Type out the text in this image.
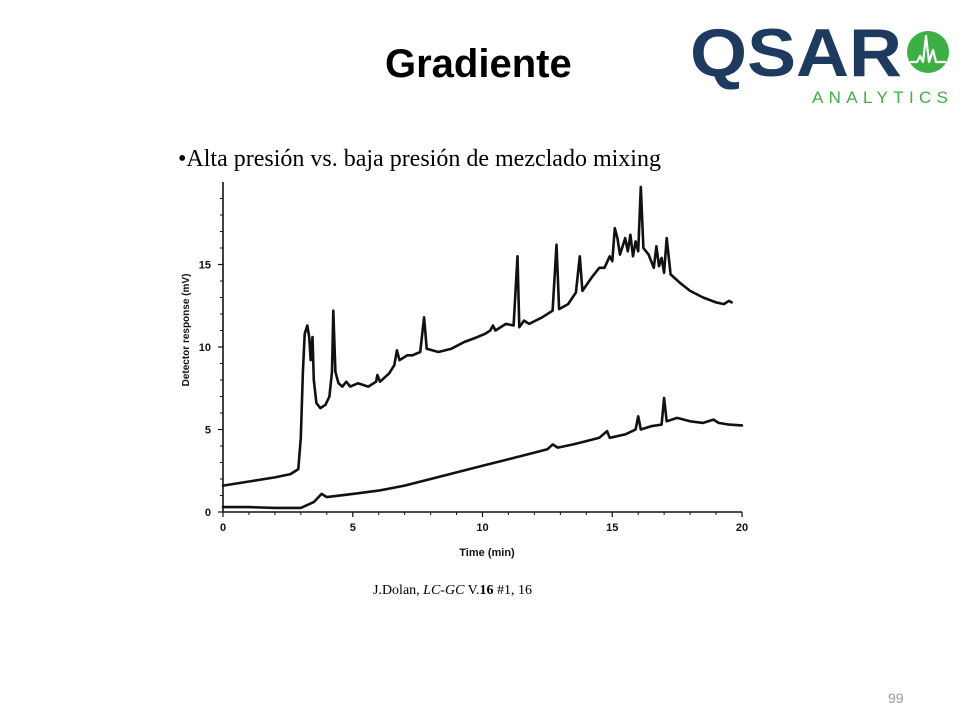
Gradiente QSAR
ANALYTICS
•Alta presión vs. baja presión de mezclado mixing
0	5	10	15	20
0
5
10
15
Time (min)
Detector response (mV)
J.Dolan, LC-GC V.16 #1, 16
99
